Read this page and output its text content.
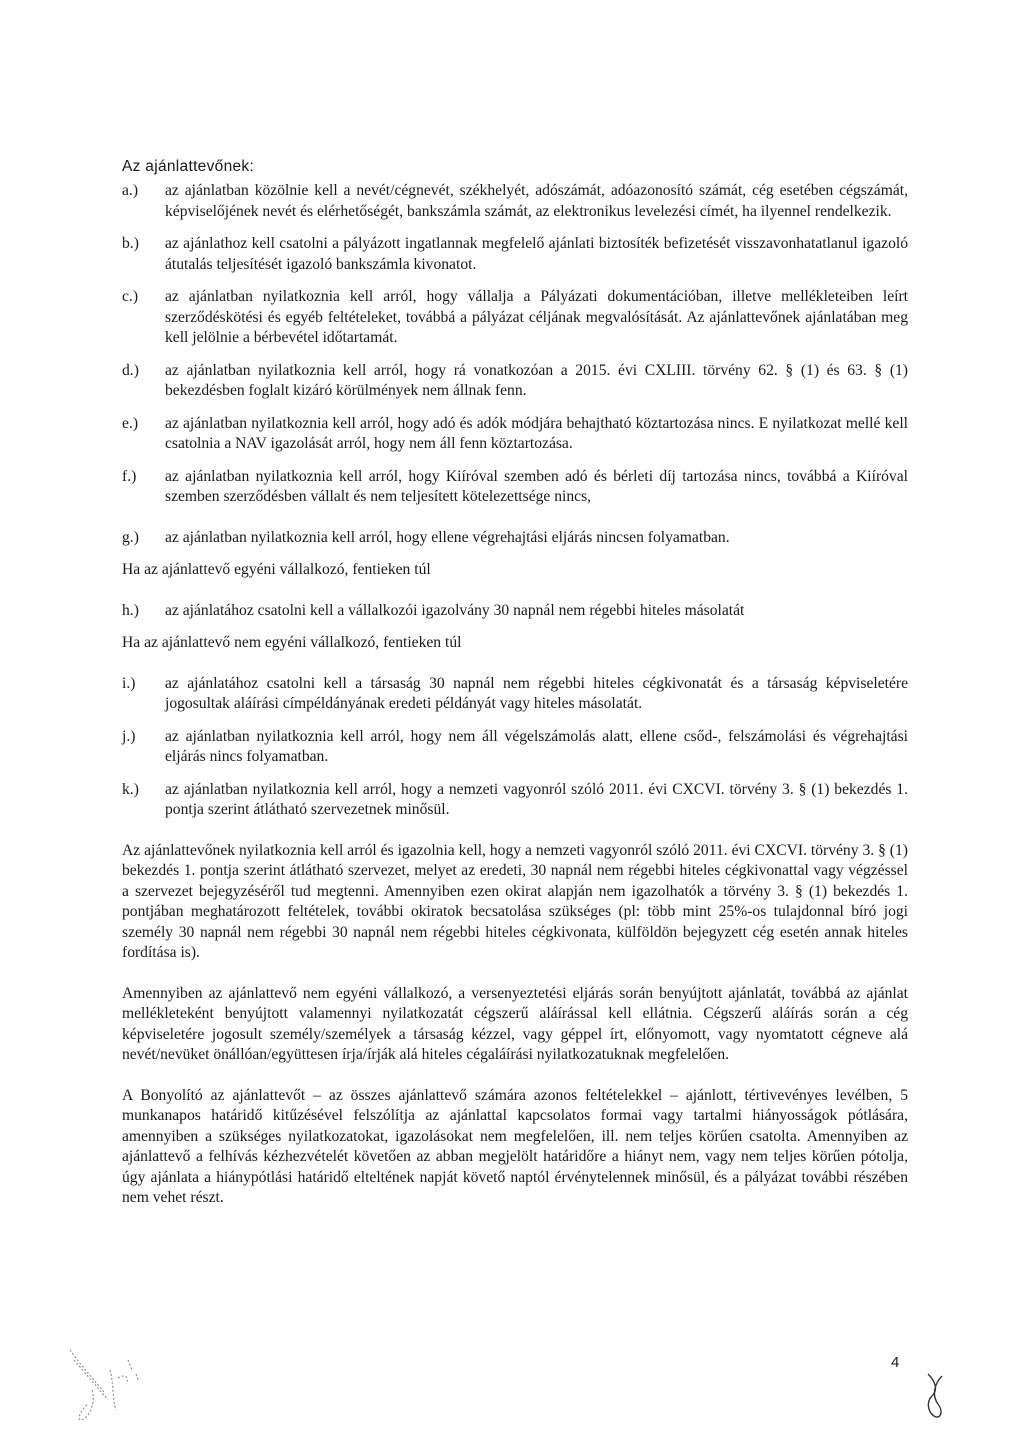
Az ajánlattevőnek:
a.)	az ajánlatban közölnie kell a nevét/cégnevét, székhelyét, adószámát, adóazonosító számát, cég esetében cégszámát, képviselőjének nevét és elérhetőségét, bankszámla számát, az elektronikus levelezési címét, ha ilyennel rendelkezik.
b.)	az ajánlathoz kell csatolni a pályázott ingatlannak megfelelő ajánlati biztosíték befizetését visszavonhatatlanul igazoló átutalás teljesítését igazoló bankszámla kivonatot.
c.)	az ajánlatban nyilatkoznia kell arról, hogy vállalja a Pályázati dokumentációban, illetve mellékleteiben leírt szerződéskötési és egyéb feltételeket, továbbá a pályázat céljának megvalósítását. Az ajánlattevőnek ajánlatában meg kell jelölnie a bérbevétel időtartamát.
d.)	az ajánlatban nyilatkoznia kell arról, hogy rá vonatkozóan a 2015. évi CXLIII. törvény 62. § (1) és 63. § (1) bekezdésben foglalt kizáró körülmények nem állnak fenn.
e.)	az ajánlatban nyilatkoznia kell arról, hogy adó és adók módjára behajtható köztartozása nincs. E nyilatkozat mellé kell csatolnia a NAV igazolását arról, hogy nem áll fenn köztartozása.
f.)	az ajánlatban nyilatkoznia kell arról, hogy Kiíróval szemben adó és bérleti díj tartozása nincs, továbbá a Kiíróval szemben szerződésben vállalt és nem teljesített kötelezettsége nincs,
g.)	az ajánlatban nyilatkoznia kell arról, hogy ellene végrehajtási eljárás nincsen folyamatban.

Ha az ajánlattevő egyéni vállalkozó, fentieken túl

h.)	az ajánlatához csatolni kell a vállalkozói igazolvány 30 napnál nem régebbi hiteles másolatát

Ha az ajánlattevő nem egyéni vállalkozó, fentieken túl

i.)	az ajánlatához csatolni kell a társaság 30 napnál nem régebbi hiteles cégkivonatát és a társaság képviseletére jogosultak aláírási címpéldányának eredeti példányát vagy hiteles másolatát.
j.)	az ajánlatban nyilatkoznia kell arról, hogy nem áll végelszámolás alatt, ellene csőd-, felszámolási és végrehajtási eljárás nincs folyamatban.
k.)	az ajánlatban nyilatkoznia kell arról, hogy a nemzeti vagyonról szóló 2011. évi CXCVI. törvény 3. § (1) bekezdés 1. pontja szerint átlátható szervezetnek minősül.

Az ajánlattevőnek nyilatkoznia kell arról és igazolnia kell, hogy a nemzeti vagyonról szóló 2011. évi CXCVI. törvény 3. § (1) bekezdés 1. pontja szerint átlátható szervezet, melyet az eredeti, 30 napnál nem régebbi hiteles cégkivonattal vagy végzéssel a szervezet bejegyzéséről tud megtenni. Amennyiben ezen okirat alapján nem igazolhatók a törvény 3. § (1) bekezdés 1. pontjában meghatározott feltételek, további okiratok becsatolása szükséges (pl: több mint 25%-os tulajdonnal bíró jogi személy 30 napnál nem régebbi 30 napnál nem régebbi hiteles cégkivonata, külföldön bejegyzett cég esetén annak hiteles fordítása is).

Amennyiben az ajánlattevő nem egyéni vállalkozó, a versenyeztetési eljárás során benyújtott ajánlatát, továbbá az ajánlat mellékleteként benyújtott valamennyi nyilatkozatát cégszerű aláírással kell ellátnia. Cégszerű aláírás során a cég képviseletére jogosult személy/személyek a társaság kézzel, vagy géppel írt, előnyomott, vagy nyomtatott cégneve alá nevét/nevüket önállóan/együttesen írja/írják alá hiteles cégaláírási nyilatkozatuknak megfelelően.

A Bonyolító az ajánlattevőt – az összes ajánlattevő számára azonos feltételekkel – ajánlott, tértivevényes levélben, 5 munkanapos határidő kitűzésével felszólítja az ajánlattal kapcsolatos formai vagy tartalmi hiányosságok pótlására, amennyiben a szükséges nyilatkozatokat, igazolásokat nem megfelelően, ill. nem teljes körűen csatolta. Amennyiben az ajánlattevő a felhívás kézhezvételét követően az abban megjelölt határidőre a hiányt nem, vagy nem teljes körűen pótolja, úgy ajánlata a hiánypótlási határidő elteltének napját követő naptól érvénytelennek minősül, és a pályázat további részében nem vehet részt.

4
